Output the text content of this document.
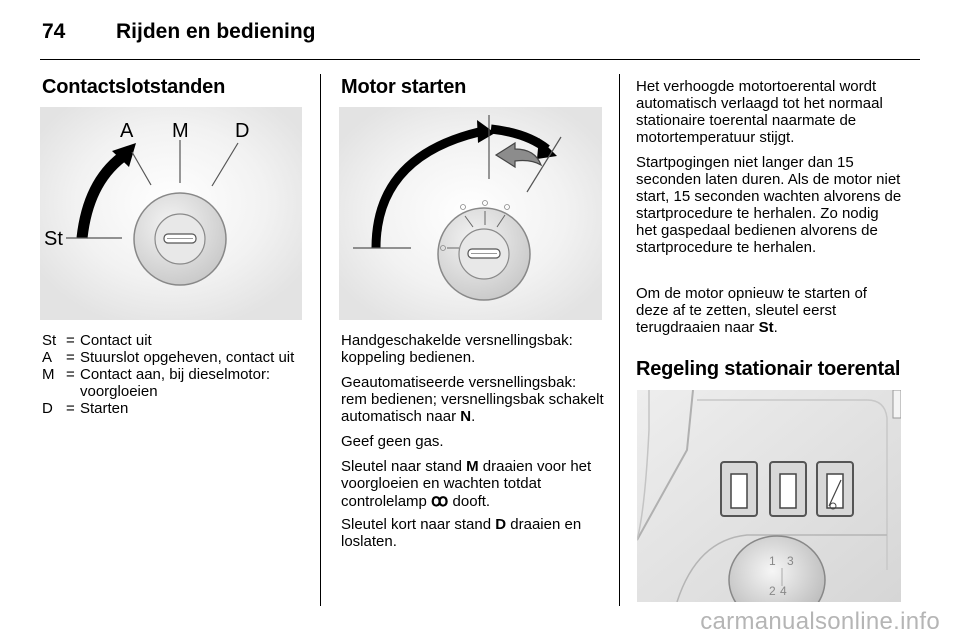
74 Rijden en bediening
Contactslotstanden
A M D
St
St = Contact uit
A = Stuurslot opgeheven, contact uit
M = Contact aan, bij dieselmotor: voorgloeien
D = Starten
Motor starten

Handgeschakelde versnellingsbak: koppeling bedienen.

Geautomatiseerde versnellingsbak: rem bedienen; versnellingsbak schakelt automatisch naar N.

Geef geen gas.

Sleutel naar stand M draaien voor het voorgloeien en wachten totdat controlelamp ꝏ dooft.

Sleutel kort naar stand D draaien en loslaten.

Het verhoogde motortoerental wordt automatisch verlaagd tot het normaal stationaire toerental naarmate de motortemperatuur stijgt.

Startpogingen niet langer dan 15 seconden laten duren. Als de motor niet start, 15 seconden wachten alvorens de startprocedure te herhalen. Zo nodig het gaspedaal bedienen alvorens de startprocedure te herhalen.

Om de motor opnieuw te starten of deze af te zetten, sleutel eerst terugdraaien naar St.

Regeling stationair toerental
1 3
2 4
carmanualsonline.info
